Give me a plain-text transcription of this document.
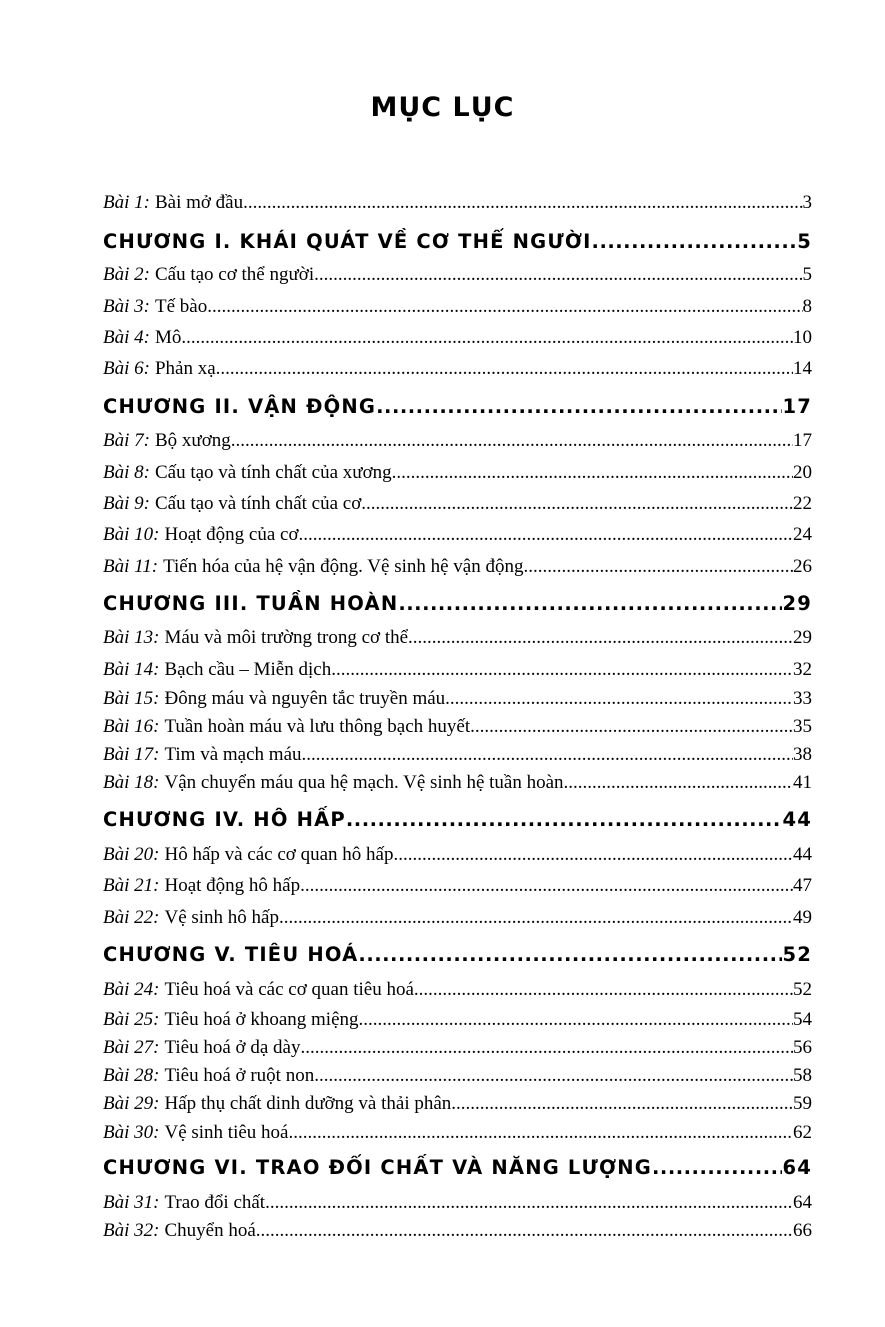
MỤC LỤC
Bài 1: Bài mở đầu .....	3
CHƯƠNG I. KHÁI QUÁT VỀ CƠ THỂ NGƯỜI .....	5
Bài 2: Cấu tạo cơ thể người .....	5
Bài 3: Tế bào .....	8
Bài 4: Mô .....	10
Bài 6: Phản xạ .....	14
CHƯƠNG II. VẬN ĐỘNG .....	17
Bài 7: Bộ xương .....	17
Bài 8: Cấu tạo và tính chất của xương .....	20
Bài 9: Cấu tạo và tính chất của cơ .....	22
Bài 10: Hoạt động của cơ .....	24
Bài 11: Tiến hóa của hệ vận động. Vệ sinh hệ vận động .....	26
CHƯƠNG III. TUẦN HOÀN .....	29
Bài 13: Máu và môi trường trong cơ thể .....	29
Bài 14: Bạch cầu – Miễn dịch .....	32
Bài 15: Đông máu và nguyên tắc truyền máu .....	33
Bài 16: Tuần hoàn máu và lưu thông bạch huyết .....	35
Bài 17: Tim và mạch máu .....	38
Bài 18: Vận chuyển máu qua hệ mạch. Vệ sinh hệ tuần hoàn .....	41
CHƯƠNG IV. HÔ HẤP .....	44
Bài 20: Hô hấp và các cơ quan hô hấp .....	44
Bài 21: Hoạt động hô hấp .....	47
Bài 22: Vệ sinh hô hấp .....	49
CHƯƠNG V. TIÊU HOÁ .....	52
Bài 24: Tiêu hoá và các cơ quan tiêu hoá .....	52
Bài 25: Tiêu hoá ở khoang miệng .....	54
Bài 27: Tiêu hoá ở dạ dày .....	56
Bài 28: Tiêu hoá ở ruột non .....	58
Bài 29: Hấp thụ chất dinh dưỡng và thải phân .....	59
Bài 30: Vệ sinh tiêu hoá .....	62
CHƯƠNG VI. TRAO ĐỔI CHẤT VÀ NĂNG LƯỢNG .....	64
Bài 31: Trao đổi chất .....	64
Bài 32: Chuyển hoá .....	66
